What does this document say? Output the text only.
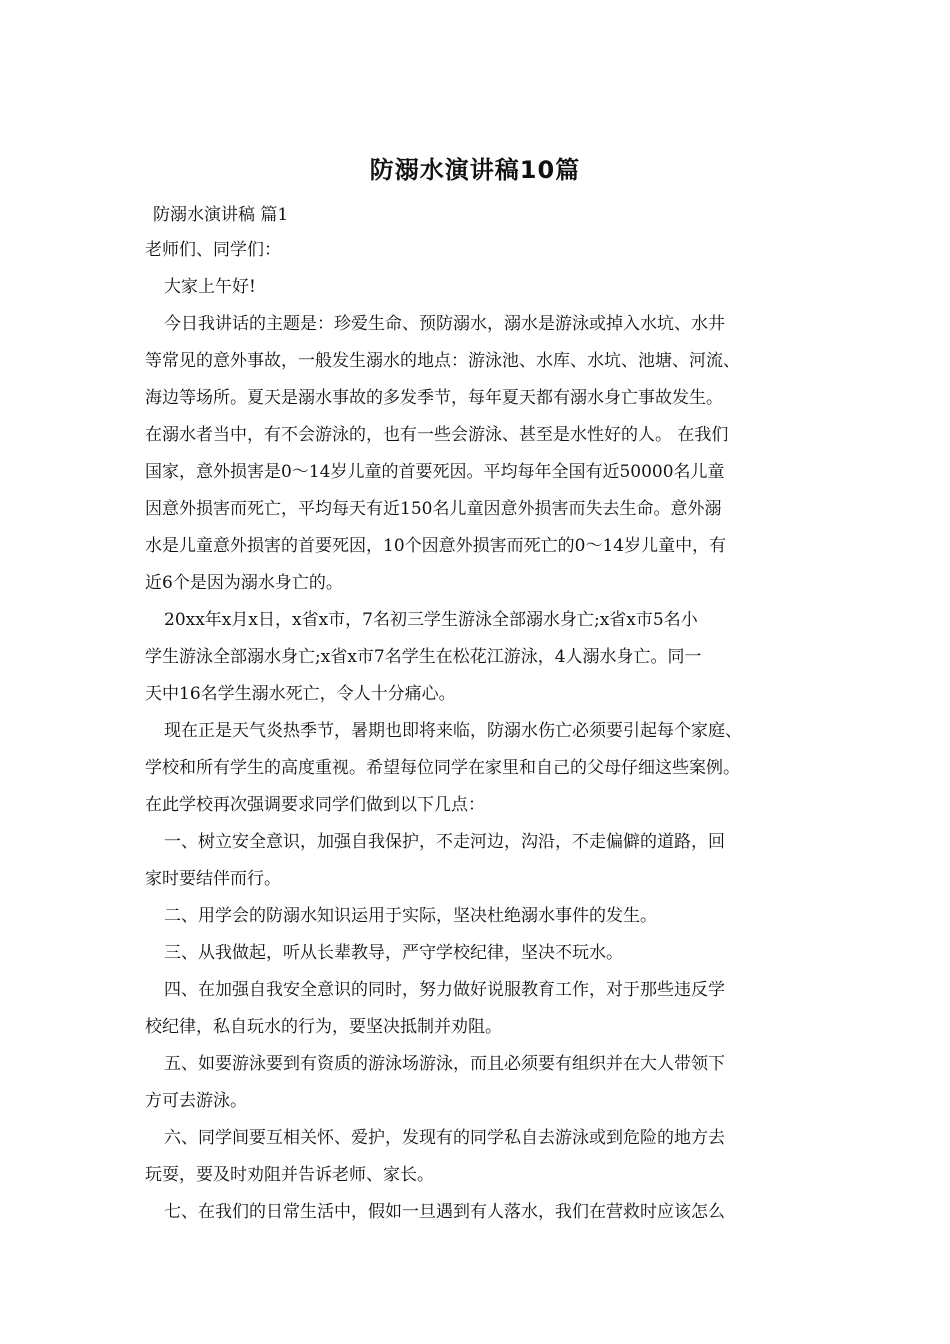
防溺水演讲稿10篇
防溺水演讲稿 篇1

老师们、同学们：

大家上午好!

今日我讲话的主题是：珍爱生命、预防溺水，溺水是游泳或掉入水坑、水井

等常见的意外事故，一般发生溺水的地点：游泳池、水库、水坑、池塘、河流、

海边等场所。夏天是溺水事故的多发季节，每年夏天都有溺水身亡事故发生。

在溺水者当中，有不会游泳的，也有一些会游泳、甚至是水性好的人。 在我们

国家，意外损害是0～14岁儿童的首要死因。平均每年全国有近50000名儿童

因意外损害而死亡，平均每天有近150名儿童因意外损害而失去生命。意外溺

水是儿童意外损害的首要死因，10个因意外损害而死亡的0～14岁儿童中，有

近6个是因为溺水身亡的。

20xx年x月x日，x省x市，7名初三学生游泳全部溺水身亡;x省x市5名小

学生游泳全部溺水身亡;x省x市7名学生在松花江游泳，4人溺水身亡。同一

天中16名学生溺水死亡，令人十分痛心。

现在正是天气炎热季节，暑期也即将来临，防溺水伤亡必须要引起每个家庭、

学校和所有学生的高度重视。希望每位同学在家里和自己的父母仔细这些案例。

在此学校再次强调要求同学们做到以下几点：

一、树立安全意识，加强自我保护，不走河边，沟沿，不走偏僻的道路，回

家时要结伴而行。

二、用学会的防溺水知识运用于实际，坚决杜绝溺水事件的发生。

三、从我做起，听从长辈教导，严守学校纪律，坚决不玩水。

四、在加强自我安全意识的同时，努力做好说服教育工作，对于那些违反学

校纪律，私自玩水的行为，要坚决抵制并劝阻。

五、如要游泳要到有资质的游泳场游泳，而且必须要有组织并在大人带领下

方可去游泳。

六、同学间要互相关怀、爱护，发现有的同学私自去游泳或到危险的地方去

玩耍，要及时劝阻并告诉老师、家长。

七、在我们的日常生活中，假如一旦遇到有人落水，我们在营救时应该怎么
